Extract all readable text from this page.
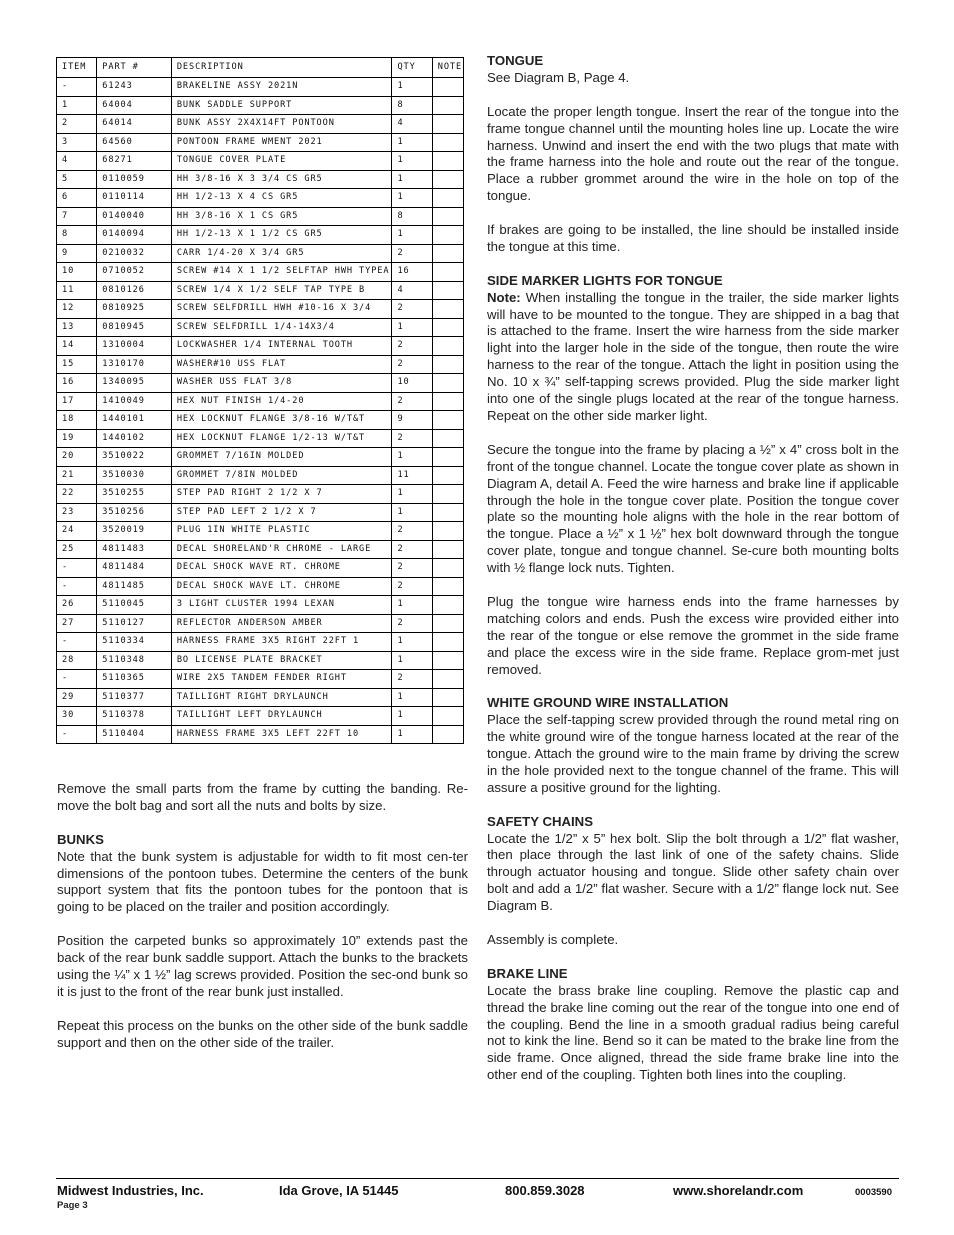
ITEM	PART #	DESCRIPTION	QTY	NOTE
-	61243	BRAKELINE ASSY 2021N	1	
1	64004	BUNK SADDLE SUPPORT	8	
2	64014	BUNK ASSY 2X4X14FT PONTOON	4	
3	64560	PONTOON FRAME WMENT 2021	1	
4	68271	TONGUE COVER PLATE	1	
5	0110059	HH 3/8-16 X 3 3/4 CS GR5	1	
6	0110114	HH 1/2-13 X 4 CS GR5	1	
7	0140040	HH 3/8-16 X 1 CS GR5	8	
8	0140094	HH 1/2-13 X 1 1/2 CS GR5	1	
9	0210032	CARR 1/4-20 X 3/4 GR5	2	
10	0710052	SCREW #14 X 1 1/2 SELFTAP HWH TYPEA	16	
11	0810126	SCREW 1/4 X 1/2 SELF TAP TYPE B	4	
12	0810925	SCREW SELFDRILL HWH #10-16 X 3/4	2	
13	0810945	SCREW SELFDRILL 1/4-14X3/4	1	
14	1310004	LOCKWASHER 1/4 INTERNAL TOOTH	2	
15	1310170	WASHER#10 USS FLAT	2	
16	1340095	WASHER USS FLAT 3/8	10	
17	1410049	HEX NUT FINISH 1/4-20	2	
18	1440101	HEX LOCKNUT FLANGE 3/8-16 W/T&T	9	
19	1440102	HEX LOCKNUT FLANGE 1/2-13 W/T&T	2	
20	3510022	GROMMET 7/16IN MOLDED	1	
21	3510030	GROMMET 7/8IN MOLDED	11	
22	3510255	STEP PAD RIGHT 2 1/2 X 7	1	
23	3510256	STEP PAD LEFT 2 1/2 X 7	1	
24	3520019	PLUG 1IN WHITE PLASTIC	2	
25	4811483	DECAL SHORELAND'R CHROME - LARGE	2	
-	4811484	DECAL SHOCK WAVE RT. CHROME	2	
-	4811485	DECAL SHOCK WAVE LT. CHROME	2	
26	5110045	3 LIGHT CLUSTER 1994 LEXAN	1	
27	5110127	REFLECTOR ANDERSON AMBER	2	
-	5110334	HARNESS FRAME 3X5 RIGHT 22FT 1	1	
28	5110348	BO LICENSE PLATE BRACKET	1	
-	5110365	WIRE 2X5 TANDEM FENDER RIGHT	2	
29	5110377	TAILLIGHT RIGHT DRYLAUNCH	1	
30	5110378	TAILLIGHT LEFT DRYLAUNCH	1	
-	5110404	HARNESS FRAME 3X5 LEFT 22FT 10	1	

Remove the small parts from the frame by cutting the banding. Re-move the bolt bag and sort all the nuts and bolts by size.

BUNKS

Note that the bunk system is adjustable for width to fit most cen-ter dimensions of the pontoon tubes. Determine the centers of the bunk support system that fits the pontoon tubes for the pontoon that is going to be placed on the trailer and position accordingly.

Position the carpeted bunks so approximately 10” extends past the back of the rear bunk saddle support. Attach the bunks to the brackets using the ¼” x 1 ½” lag screws provided. Position the sec-ond bunk so it is just to the front of the rear bunk just installed.

Repeat this process on the bunks on the other side of the bunk saddle support and then on the other side of the trailer.

TONGUE

See Diagram B, Page 4.

Locate the proper length tongue. Insert the rear of the tongue into the frame tongue channel until the mounting holes line up. Locate the wire harness. Unwind and insert the end with the two plugs that mate with the frame harness into the hole and route out the rear of the tongue. Place a rubber grommet around the wire in the hole on top of the tongue.

If brakes are going to be installed, the line should be installed inside the tongue at this time.

SIDE MARKER LIGHTS FOR TONGUE

Note: When installing the tongue in the trailer, the side marker lights will have to be mounted to the tongue. They are shipped in a bag that is attached to the frame. Insert the wire harness from the side marker light into the larger hole in the side of the tongue, then route the wire harness to the rear of the tongue. Attach the light in position using the No. 10 x ¾” self-tapping screws provided. Plug the side marker light into one of the single plugs located at the rear of the tongue harness. Repeat on the other side marker light.

Secure the tongue into the frame by placing a ½” x 4” cross bolt in the front of the tongue channel. Locate the tongue cover plate as shown in Diagram A, detail A. Feed the wire harness and brake line if applicable through the hole in the tongue cover plate. Position the tongue cover plate so the mounting hole aligns with the hole in the rear bottom of the tongue. Place a ½” x 1 ½” hex bolt downward through the tongue cover plate, tongue and tongue channel. Se-cure both mounting bolts with ½ flange lock nuts. Tighten.

Plug the tongue wire harness ends into the frame harnesses by matching colors and ends. Push the excess wire provided either into the rear of the tongue or else remove the grommet in the side frame and place the excess wire in the side frame. Replace grom-met just removed.

WHITE GROUND WIRE INSTALLATION

Place the self-tapping screw provided through the round metal ring on the white ground wire of the tongue harness located at the rear of the tongue. Attach the ground wire to the main frame by driving the screw in the hole provided next to the tongue channel of the frame. This will assure a positive ground for the lighting.

SAFETY CHAINS

Locate the 1/2” x 5” hex bolt. Slip the bolt through a 1/2” flat washer, then place through the last link of one of the safety chains. Slide through actuator housing and tongue. Slide other safety chain over bolt and add a 1/2” flat washer. Secure with a 1/2” flange lock nut. See Diagram B.

Assembly is complete.

BRAKE LINE

Locate the brass brake line coupling. Remove the plastic cap and thread the brake line coming out the rear of the tongue into one end of the coupling. Bend the line in a smooth gradual radius being careful not to kink the line. Bend so it can be mated to the brake line from the side frame. Once aligned, thread the side frame brake line into the other end of the coupling. Tighten both lines into the coupling.

Midwest Industries, Inc.	Ida Grove, IA 51445	800.859.3028	www.shorelandr.com	0003590
Page 3
